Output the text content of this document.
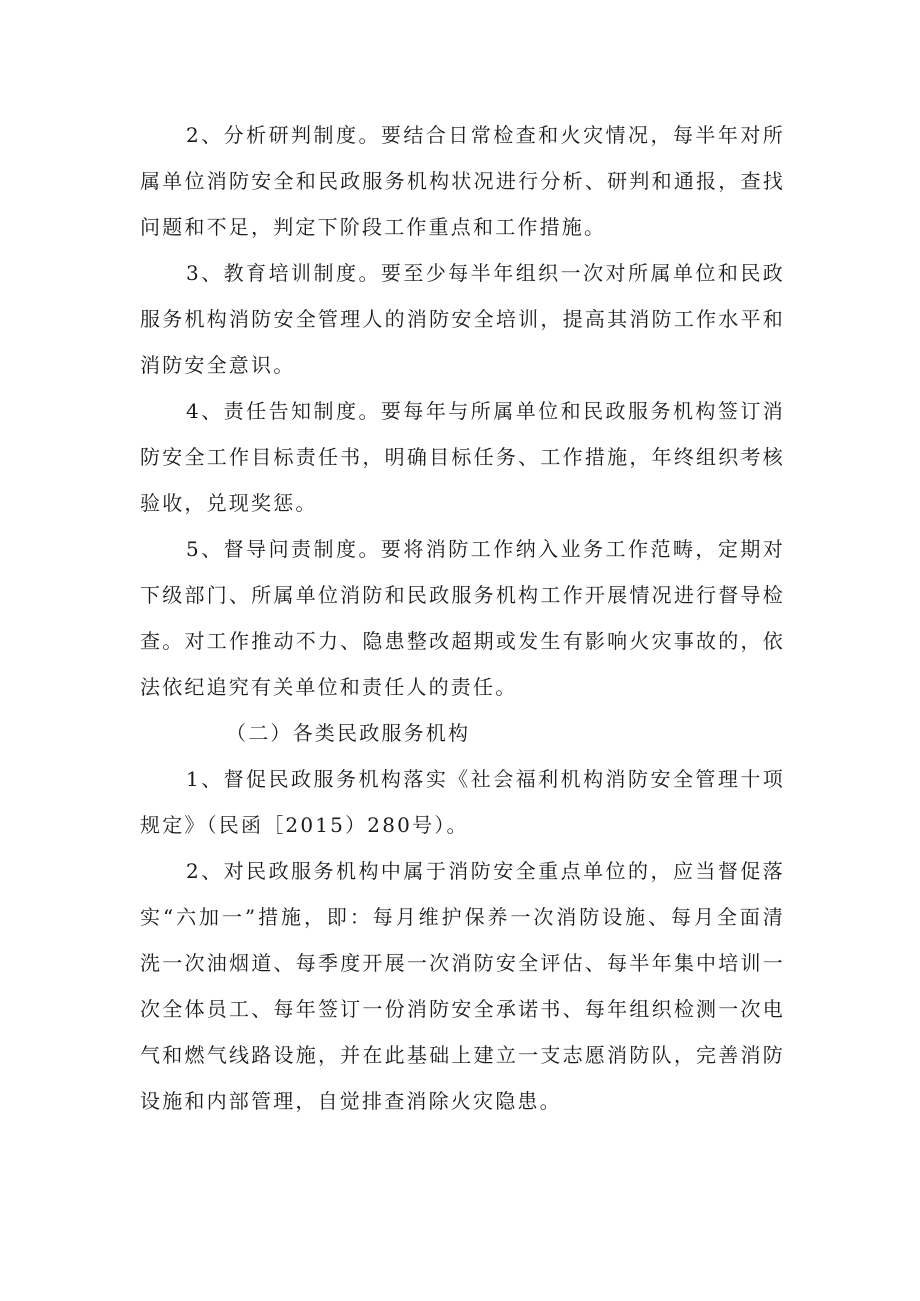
2、分析研判制度。要结合日常检查和火灾情况，每半年对所属单位消防安全和民政服务机构状况进行分析、研判和通报，查找问题和不足，判定下阶段工作重点和工作措施。

3、教育培训制度。要至少每半年组织一次对所属单位和民政服务机构消防安全管理人的消防安全培训，提高其消防工作水平和消防安全意识。

4、责任告知制度。要每年与所属单位和民政服务机构签订消防安全工作目标责任书，明确目标任务、工作措施，年终组织考核验收，兑现奖惩。

5、督导问责制度。要将消防工作纳入业务工作范畴，定期对下级部门、所属单位消防和民政服务机构工作开展情况进行督导检查。对工作推动不力、隐患整改超期或发生有影响火灾事故的，依法依纪追究有关单位和责任人的责任。

（二）各类民政服务机构

1、督促民政服务机构落实《社会福利机构消防安全管理十项规定》（民函［2015）280号）。

2、对民政服务机构中属于消防安全重点单位的，应当督促落实“六加一”措施，即：每月维护保养一次消防设施、每月全面清洗一次油烟道、每季度开展一次消防安全评估、每半年集中培训一次全体员工、每年签订一份消防安全承诺书、每年组织检测一次电气和燃气线路设施，并在此基础上建立一支志愿消防队，完善消防设施和内部管理，自觉排查消除火灾隐患。
